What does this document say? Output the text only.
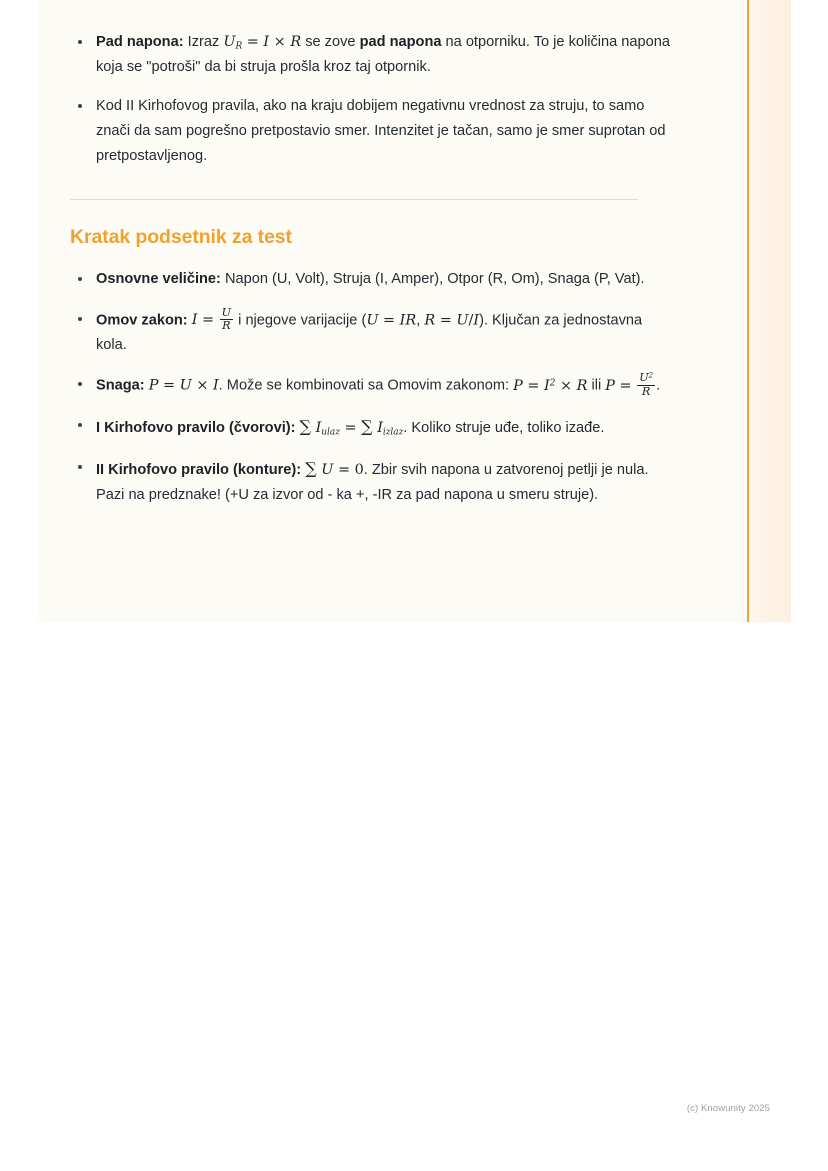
Pad napona: Izraz $U_R = I \times R$ se zove pad napona na otporniku. To je količina napona koja se "potroši" da bi struja prošla kroz taj otpornik.
Kod II Kirhofovog pravila, ako na kraju dobijem negativnu vrednost za struju, to samo znači da sam pogrešno pretpostavio smer. Intenzitet je tačan, samo je smer suprotan od pretpostavljenog.
Kratak podsetnik za test
Osnovne veličine: Napon (U, Volt), Struja (I, Amper), Otpor (R, Om), Snaga (P, Vat).
Omov zakon: $I = \frac{U}{R}$ i njegove varijacije (U = IR, R = U/I). Ključan za jednostavna kola.
Snaga: P = U × I. Može se kombinovati sa Omovim zakonom: $P = I^2 \times R$ ili $P = \frac{U^2}{R}$ .
I Kirhofovo pravilo (čvorovi): ∑ $I_{ulaz}$ = ∑ $I_{izlaz}$. Koliko struje uđe, toliko izađe.
II Kirhofovo pravilo (konture): ∑ U = 0. Zbir svih napona u zatvorenoj petlji je nula. Pazi na predznake! (+U za izvor od - ka +, -IR za pad napona u smeru struje).
(c) Knowunity 2025
